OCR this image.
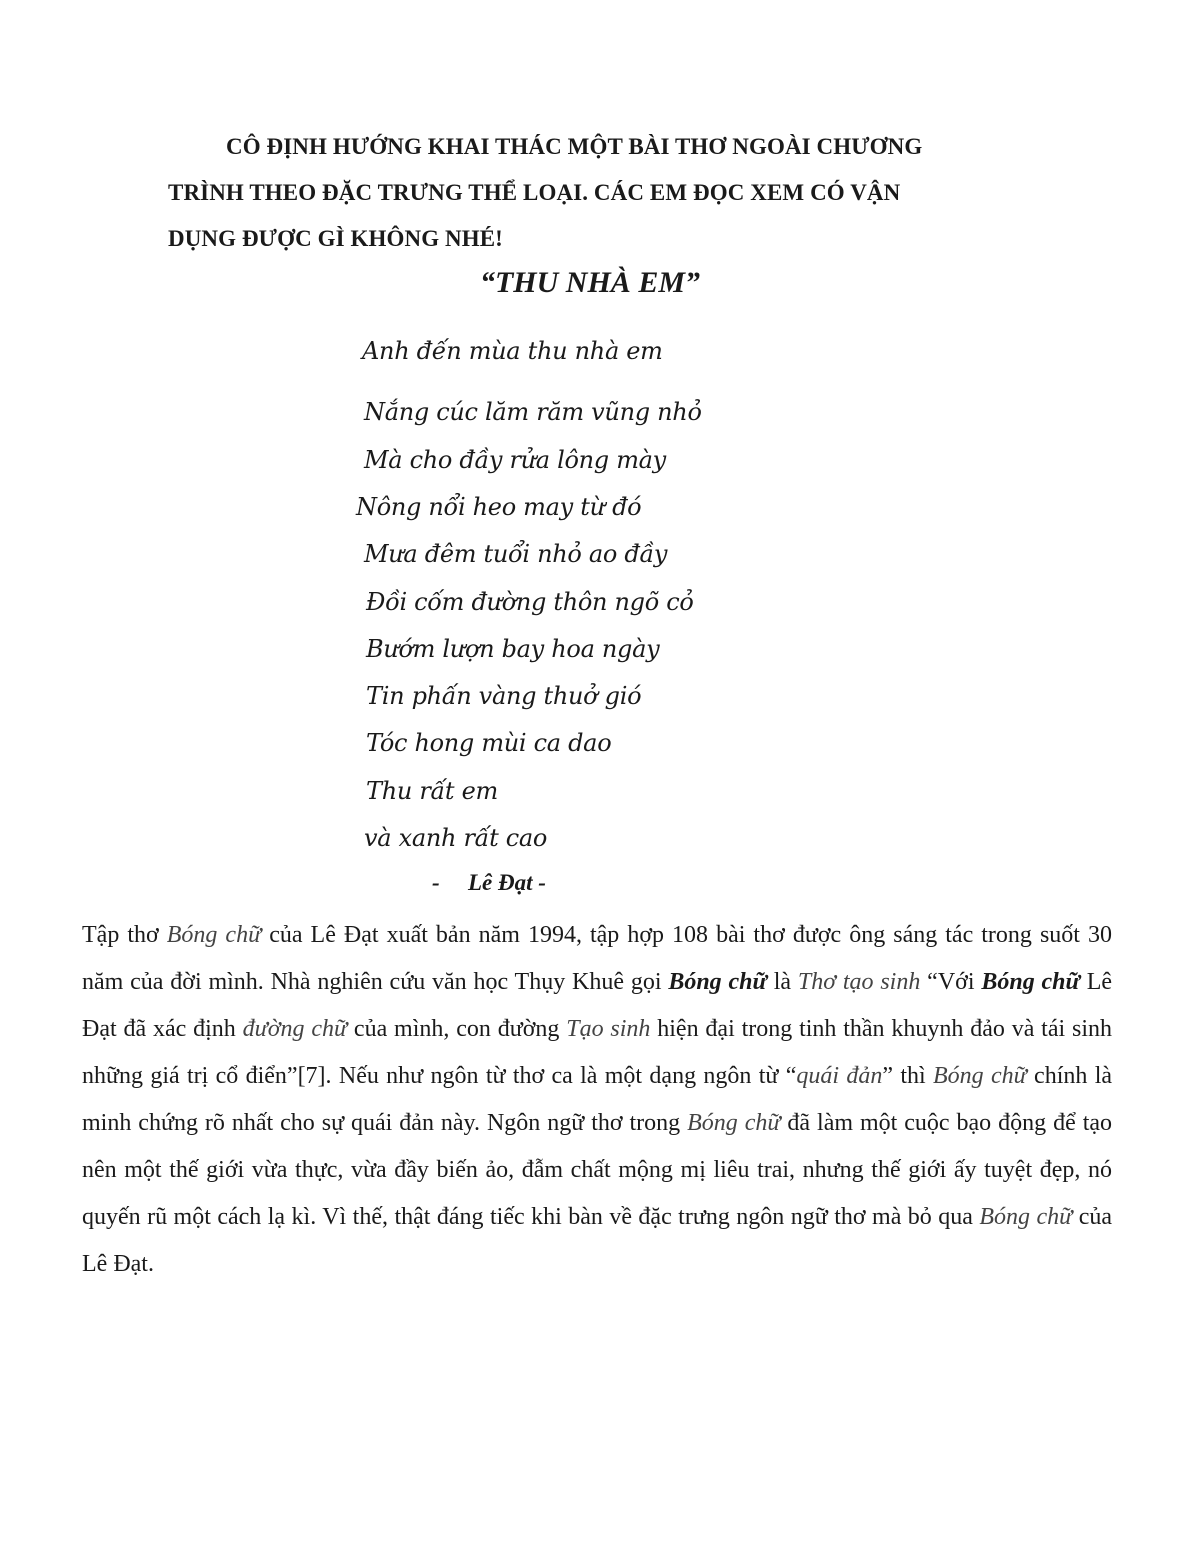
CÔ ĐỊNH HƯỚNG KHAI THÁC MỘT BÀI THƠ NGOÀI CHƯƠNG
TRÌNH THEO ĐẶC TRƯNG THỂ LOẠI. CÁC EM ĐỌC XEM CÓ VẬN
DỤNG ĐƯỢC GÌ KHÔNG NHÉ!
“THU NHÀ EM”
Anh đến mùa thu nhà em
Nắng cúc lăm răm vũng nhỏ
Mà cho đầy rửa lông mày
Nông nổi heo may từ đó
Mưa đêm tuổi nhỏ ao đầy
Đồi cốm đường thôn ngõ cỏ
Bướm lượn bay hoa ngày
Tin phấn vàng thuở gió
Tóc hong mùi ca dao
Thu rất em
và xanh rất cao
- Lê Đạt -
Tập thơ Bóng chữ của Lê Đạt xuất bản năm 1994, tập hợp 108 bài thơ được ông sáng tác trong suốt 30 năm của đời mình. Nhà nghiên cứu văn học Thụy Khuê gọi Bóng chữ là Thơ tạo sinh “Với Bóng chữ Lê Đạt đã xác định đường chữ của mình, con đường Tạo sinh hiện đại trong tinh thần khuynh đảo và tái sinh những giá trị cổ điển”[7]. Nếu như ngôn từ thơ ca là một dạng ngôn từ “quái đản” thì Bóng chữ chính là minh chứng rõ nhất cho sự quái đản này. Ngôn ngữ thơ trong Bóng chữ đã làm một cuộc bạo động để tạo nên một thế giới vừa thực, vừa đầy biến ảo, đẫm chất mộng mị liêu trai, nhưng thế giới ấy tuyệt đẹp, nó quyến rũ một cách lạ kì. Vì thế, thật đáng tiếc khi bàn về đặc trưng ngôn ngữ thơ mà bỏ qua Bóng chữ của Lê Đạt.
